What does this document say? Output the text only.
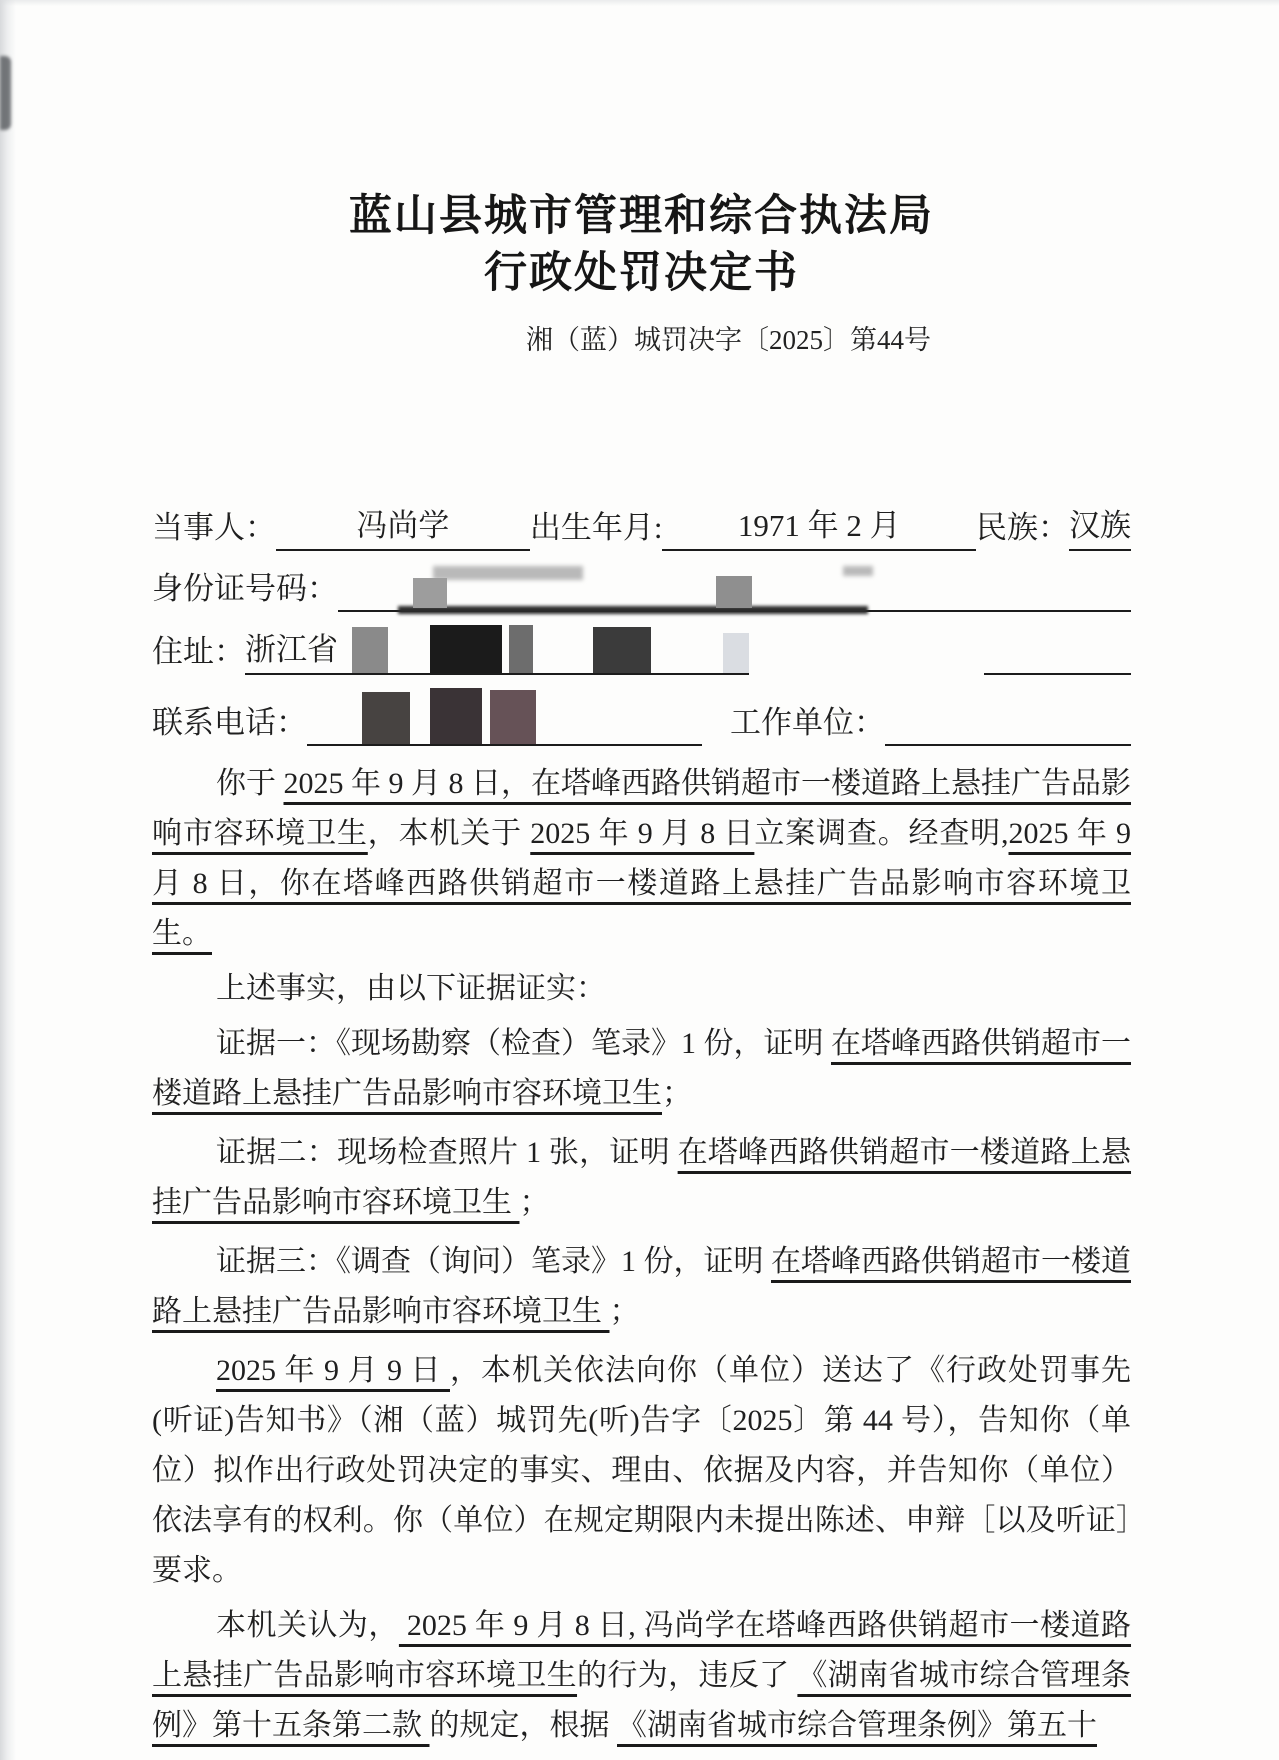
蓝山县城市管理和综合执法局
行政处罚决定书
湘（蓝）城罚决字〔2025〕第44号
当事人：	冯尚学	出生年月:	1971 年 2 月	民族： 汉族
身份证号码：
住址： 浙江省
联系电话：
	工作单位：

你于 2025 年 9 月 8 日，在塔峰西路供销超市一楼道路上悬挂广告品影响市容环境卫生，本机关于 2025 年 9 月 8 日立案调查。经查明,2025 年 9 月 8 日，你在塔峰西路供销超市一楼道路上悬挂广告品影响市容环境卫生。

上述事实，由以下证据证实：

证据一：《现场勘察（检查）笔录》1 份，证明 在塔峰西路供销超市一楼道路上悬挂广告品影响市容环境卫生；

证据二：现场检查照片 1 张，证明 在塔峰西路供销超市一楼道路上悬挂广告品影响市容环境卫生 ；

证据三：《调查（询问）笔录》1 份，证明 在塔峰西路供销超市一楼道路上悬挂广告品影响市容环境卫生 ；

2025 年 9 月 9 日 ，本机关依法向你（单位）送达了《行政处罚事先(听证)告知书》（湘（蓝）城罚先(听)告字〔2025〕第 44 号），告知你（单位）拟作出行政处罚决定的事实、理由、依据及内容，并告知你（单位）依法享有的权利。你（单位）在规定期限内未提出陈述、申辩［以及听证］要求。

本机关认为， 2025 年 9 月 8 日, 冯尚学在塔峰西路供销超市一楼道路上悬挂广告品影响市容环境卫生的行为，违反了 《湖南省城市综合管理条例》第十五条第二款 的规定，根据 《湖南省城市综合管理条例》第五十
